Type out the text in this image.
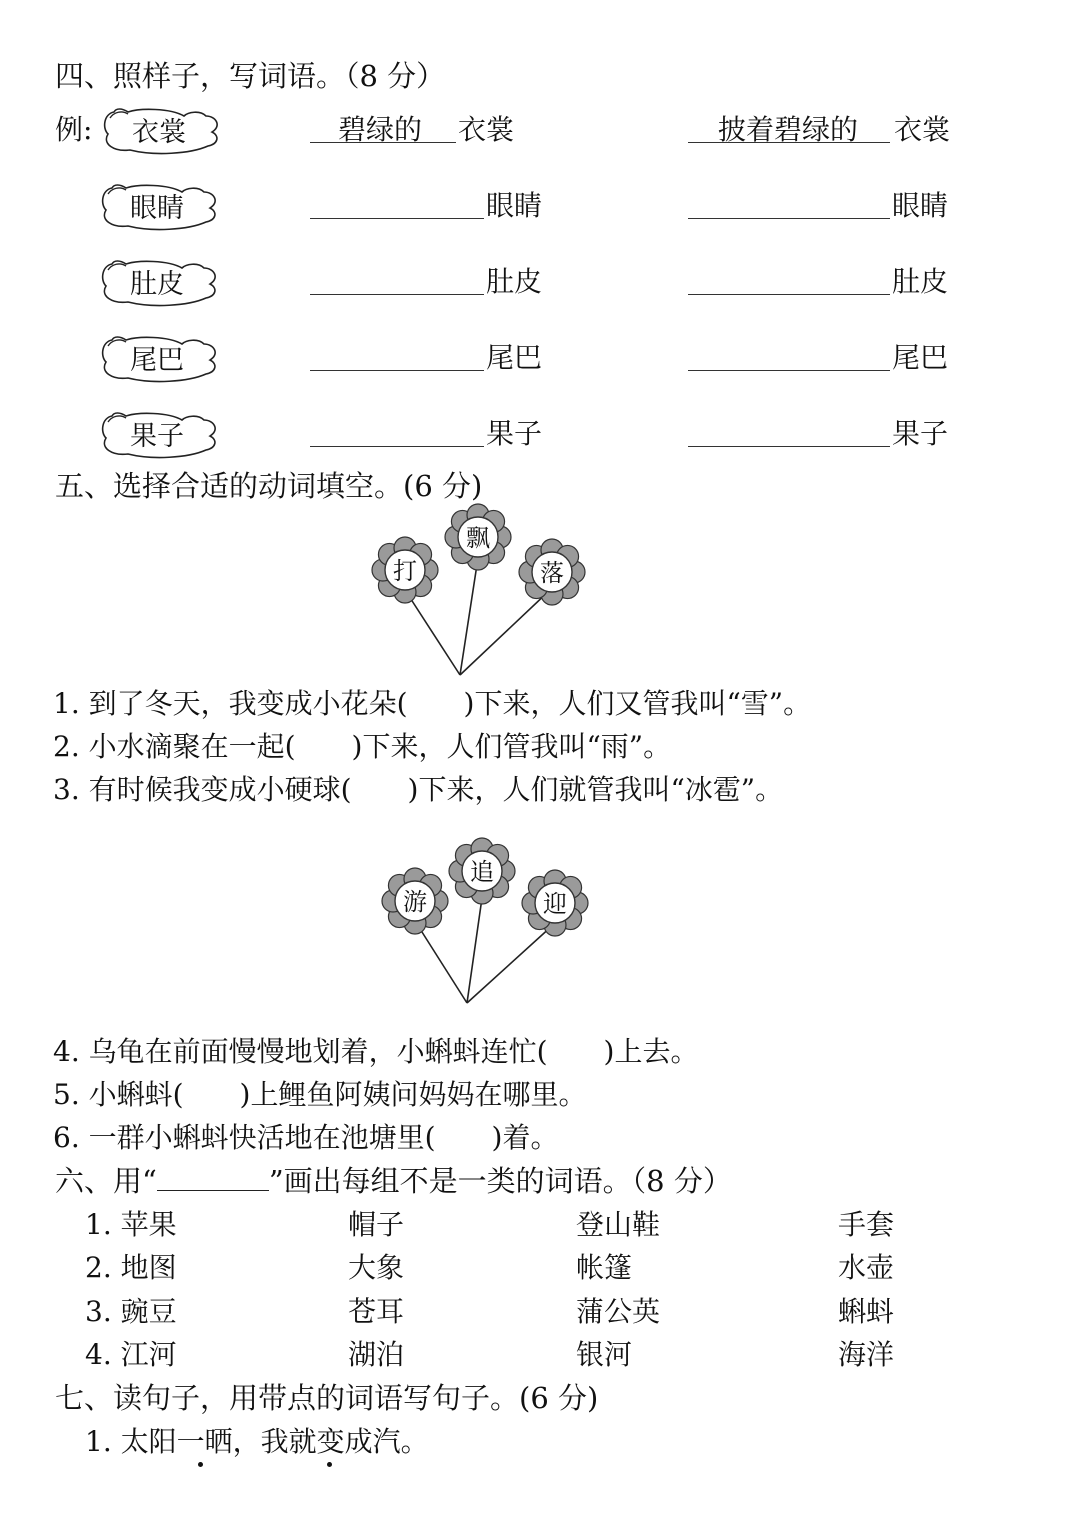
四、照样子，写词语。（8 分）
例:	衣裳	碧绿的 衣裳	披着碧绿的 衣裳
眼睛	眼睛	眼睛
肚皮	肚皮	肚皮
尾巴	尾巴	尾巴
果子	果子	果子
五、选择合适的动词填空。(6 分)
打
飘
落
1. 到了冬天，我变成小花朵(　　)下来，人们又管我叫“雪”。
2. 小水滴聚在一起(　　)下来，人们管我叫“雨”。
3. 有时候我变成小硬球(　　)下来，人们就管我叫“冰雹”。
游
追
迎
4. 乌龟在前面慢慢地划着，小蝌蚪连忙(　　)上去。
5. 小蝌蚪(　　)上鲤鱼阿姨问妈妈在哪里。
6. 一群小蝌蚪快活地在池塘里(　　)着。
六、用“	”画出每组不是一类的词语。（8 分）
1. 苹果	帽子	登山鞋	手套
2. 地图	大象	帐篷	水壶
3. 豌豆	苍耳	蒲公英	蝌蚪
4. 江河	湖泊	银河	海洋
七、读句子，用带点的词语写句子。(6 分)
1. 太阳一晒，我就变成汽。
